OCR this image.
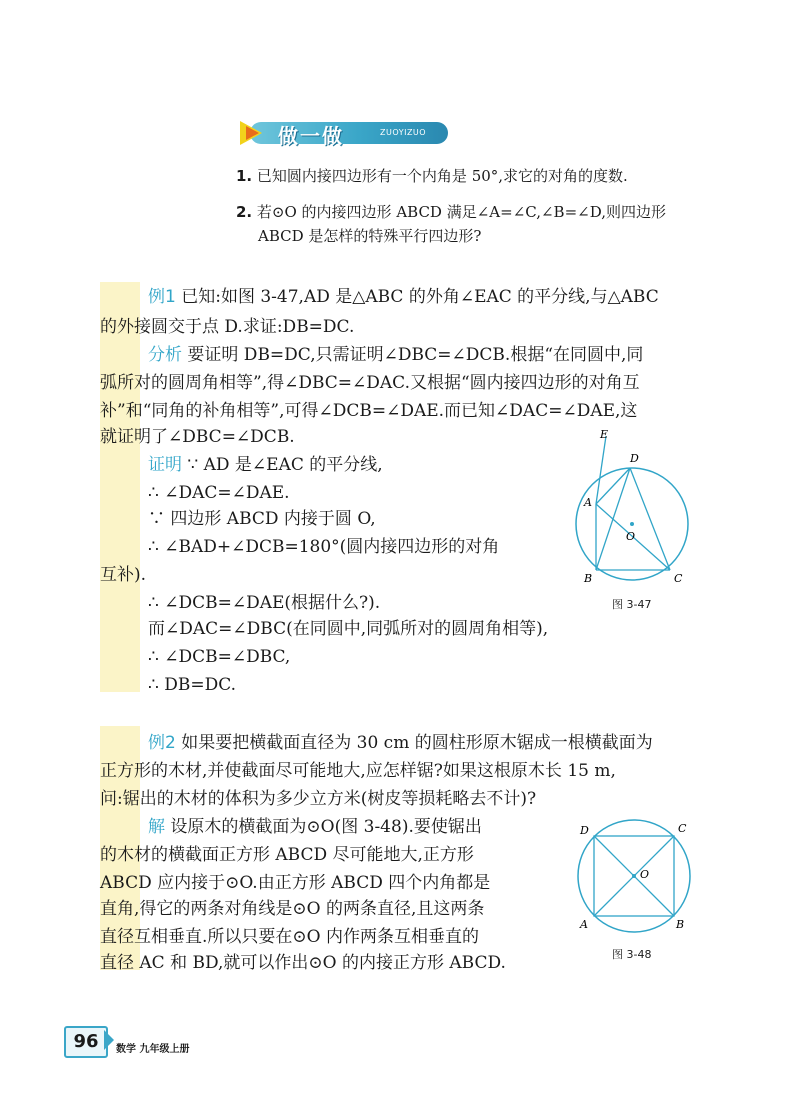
做一做	ZUOYIZUO
1. 已知圆内接四边形有一个内角是 50°,求它的对角的度数.
2. 若⊙O 的内接四边形 ABCD 满足∠A=∠C,∠B=∠D,则四边形
ABCD 是怎样的特殊平行四边形?
例1 已知:如图 3-47,AD 是△ABC 的外角∠EAC 的平分线,与△ABC
的外接圆交于点 D.求证:DB=DC.
分析 要证明 DB=DC,只需证明∠DBC=∠DCB.根据“在同圆中,同
弧所对的圆周角相等”,得∠DBC=∠DAC.又根据“圆内接四边形的对角互
补”和“同角的补角相等”,可得∠DCB=∠DAE.而已知∠DAC=∠DAE,这
就证明了∠DBC=∠DCB.
证明 ∵ AD 是∠EAC 的平分线,
∴ ∠DAC=∠DAE.
∵ 四边形 ABCD 内接于圆 O,
∴ ∠BAD+∠DCB=180°(圆内接四边形的对角
互补).
∴ ∠DCB=∠DAE(根据什么?).
而∠DAC=∠DBC(在同圆中,同弧所对的圆周角相等),
∴ ∠DCB=∠DBC,
∴ DB=DC.
E
A
D
O
B	C
图 3-47
例2 如果要把横截面直径为 30 cm 的圆柱形原木锯成一根横截面为
正方形的木材,并使截面尽可能地大,应怎样锯?如果这根原木长 15 m,
问:锯出的木材的体积为多少立方米(树皮等损耗略去不计)?
解 设原木的横截面为⊙O(图 3-48).要使锯出
的木材的横截面正方形 ABCD 尽可能地大,正方形
ABCD 应内接于⊙O.由正方形 ABCD 四个内角都是
直角,得它的两条对角线是⊙O 的两条直径,且这两条
直径互相垂直.所以只要在⊙O 内作两条互相垂直的
直径 AC 和 BD,就可以作出⊙O 的内接正方形 ABCD.
D	C
O
A	B
图 3-48
96	数学 九年级上册
